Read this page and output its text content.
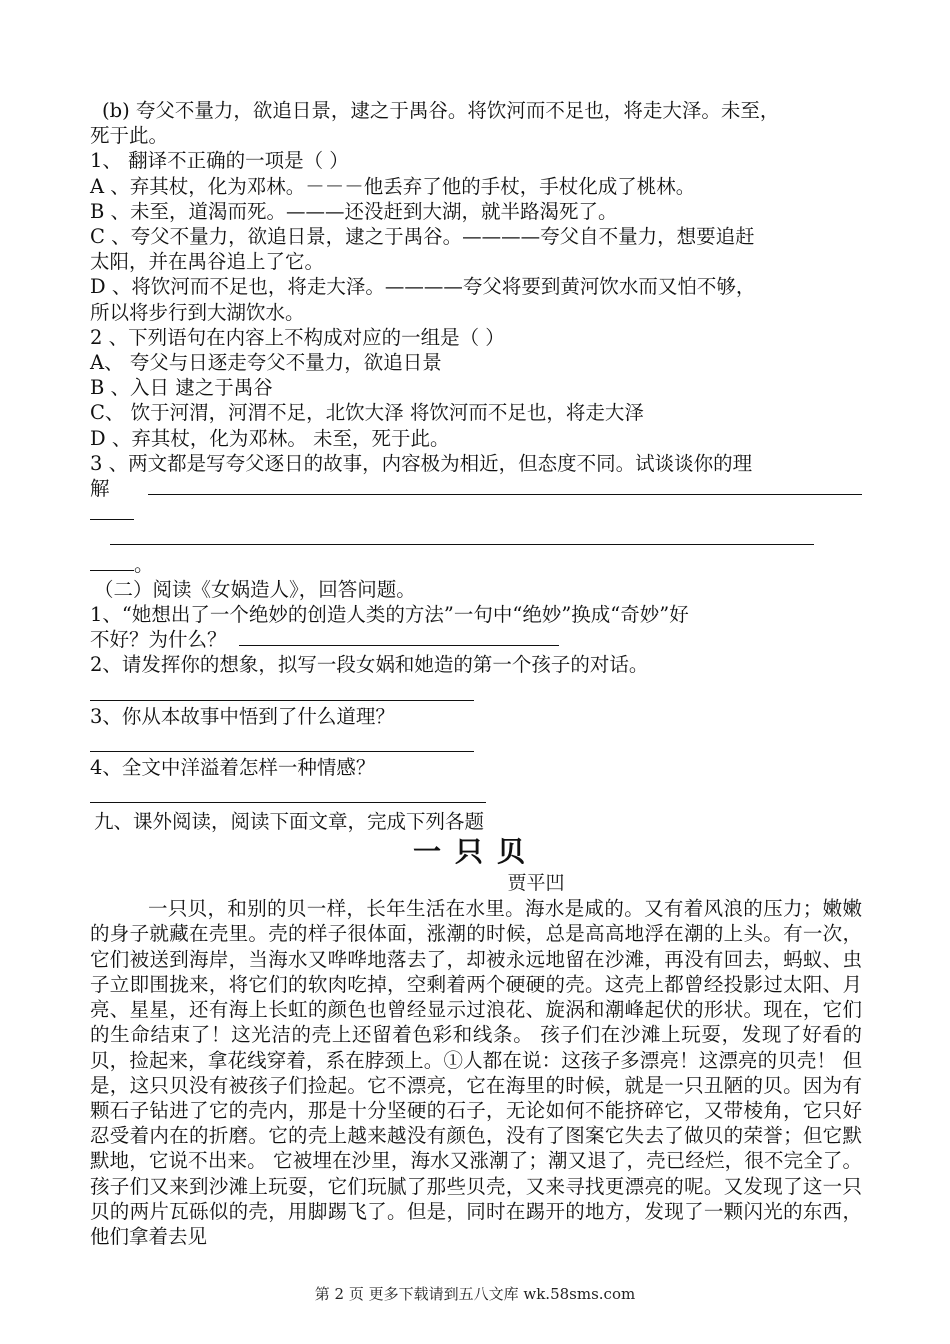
(b) 夸父不量力，欲追日景，逮之于禺谷。将饮河而不足也，将走大泽。未至，

死于此。

1、 翻译不正确的一项是（ ）

A 、弃其杖，化为邓林。－－－他丢弃了他的手杖，手杖化成了桃林。

B 、未至，道渴而死。———还没赶到大湖，就半路渴死了。

C 、夸父不量力，欲追日景，逮之于禺谷。————夸父自不量力，想要追赶

太阳，并在禺谷追上了它。

D 、将饮河而不足也，将走大泽。————夸父将要到黄河饮水而又怕不够，

所以将步行到大湖饮水。

2 、下列语句在内容上不构成对应的一组是（ ）

A、 夸父与日逐走夸父不量力，欲追日景

B 、入日 逮之于禺谷

C、 饮于河渭，河渭不足，北饮大泽 将饮河而不足也，将走大泽

D 、弃其杖，化为邓林。 未至，死于此。

3 、两文都是写夸父逐日的故事，内容极为相近，但态度不同。试谈谈你的理

解

。

（二）阅读《女娲造人》，回答问题。

1、“她想出了一个绝妙的创造人类的方法”一句中“绝妙”换成“奇妙”好

不好？为什么？

2、请发挥你的想象，拟写一段女娲和她造的第一个孩子的对话。

3、你从本故事中悟到了什么道理？

4、全文中洋溢着怎样一种情感？

九、课外阅读，阅读下面文章，完成下列各题

一只贝

贾平凹

一只贝，和别的贝一样，长年生活在水里。海水是咸的。又有着风浪的压力；嫩嫩的身子就藏在壳里。壳的样子很体面，涨潮的时候，总是高高地浮在潮的上头。有一次，它们被送到海岸，当海水又哗哗地落去了，却被永远地留在沙滩，再没有回去，蚂蚁、虫子立即围拢来，将它们的软肉吃掉，空剩着两个硬硬的壳。这壳上都曾经投影过太阳、月亮、星星，还有海上长虹的颜色也曾经显示过浪花、旋涡和潮峰起伏的形状。现在，它们的生命结束了！这光洁的壳上还留着色彩和线条。 孩子们在沙滩上玩耍，发现了好看的贝，捡起来，拿花线穿着，系在脖颈上。①人都在说：这孩子多漂亮！这漂亮的贝壳！ 但是，这只贝没有被孩子们捡起。它不漂亮，它在海里的时候，就是一只丑陋的贝。因为有颗石子钻进了它的壳内，那是十分坚硬的石子，无论如何不能挤碎它，又带棱角，它只好忍受着内在的折磨。它的壳上越来越没有颜色，没有了图案它失去了做贝的荣誉；但它默默地，它说不出来。 它被埋在沙里，海水又涨潮了；潮又退了，壳已经烂，很不完全了。 孩子们又来到沙滩上玩耍，它们玩腻了那些贝壳，又来寻找更漂亮的呢。又发现了这一只贝的两片瓦砾似的壳，用脚踢飞了。但是，同时在踢开的地方，发现了一颗闪光的东西，他们拿着去见

第 2 页 更多下载请到五八文库 wk.58sms.com
